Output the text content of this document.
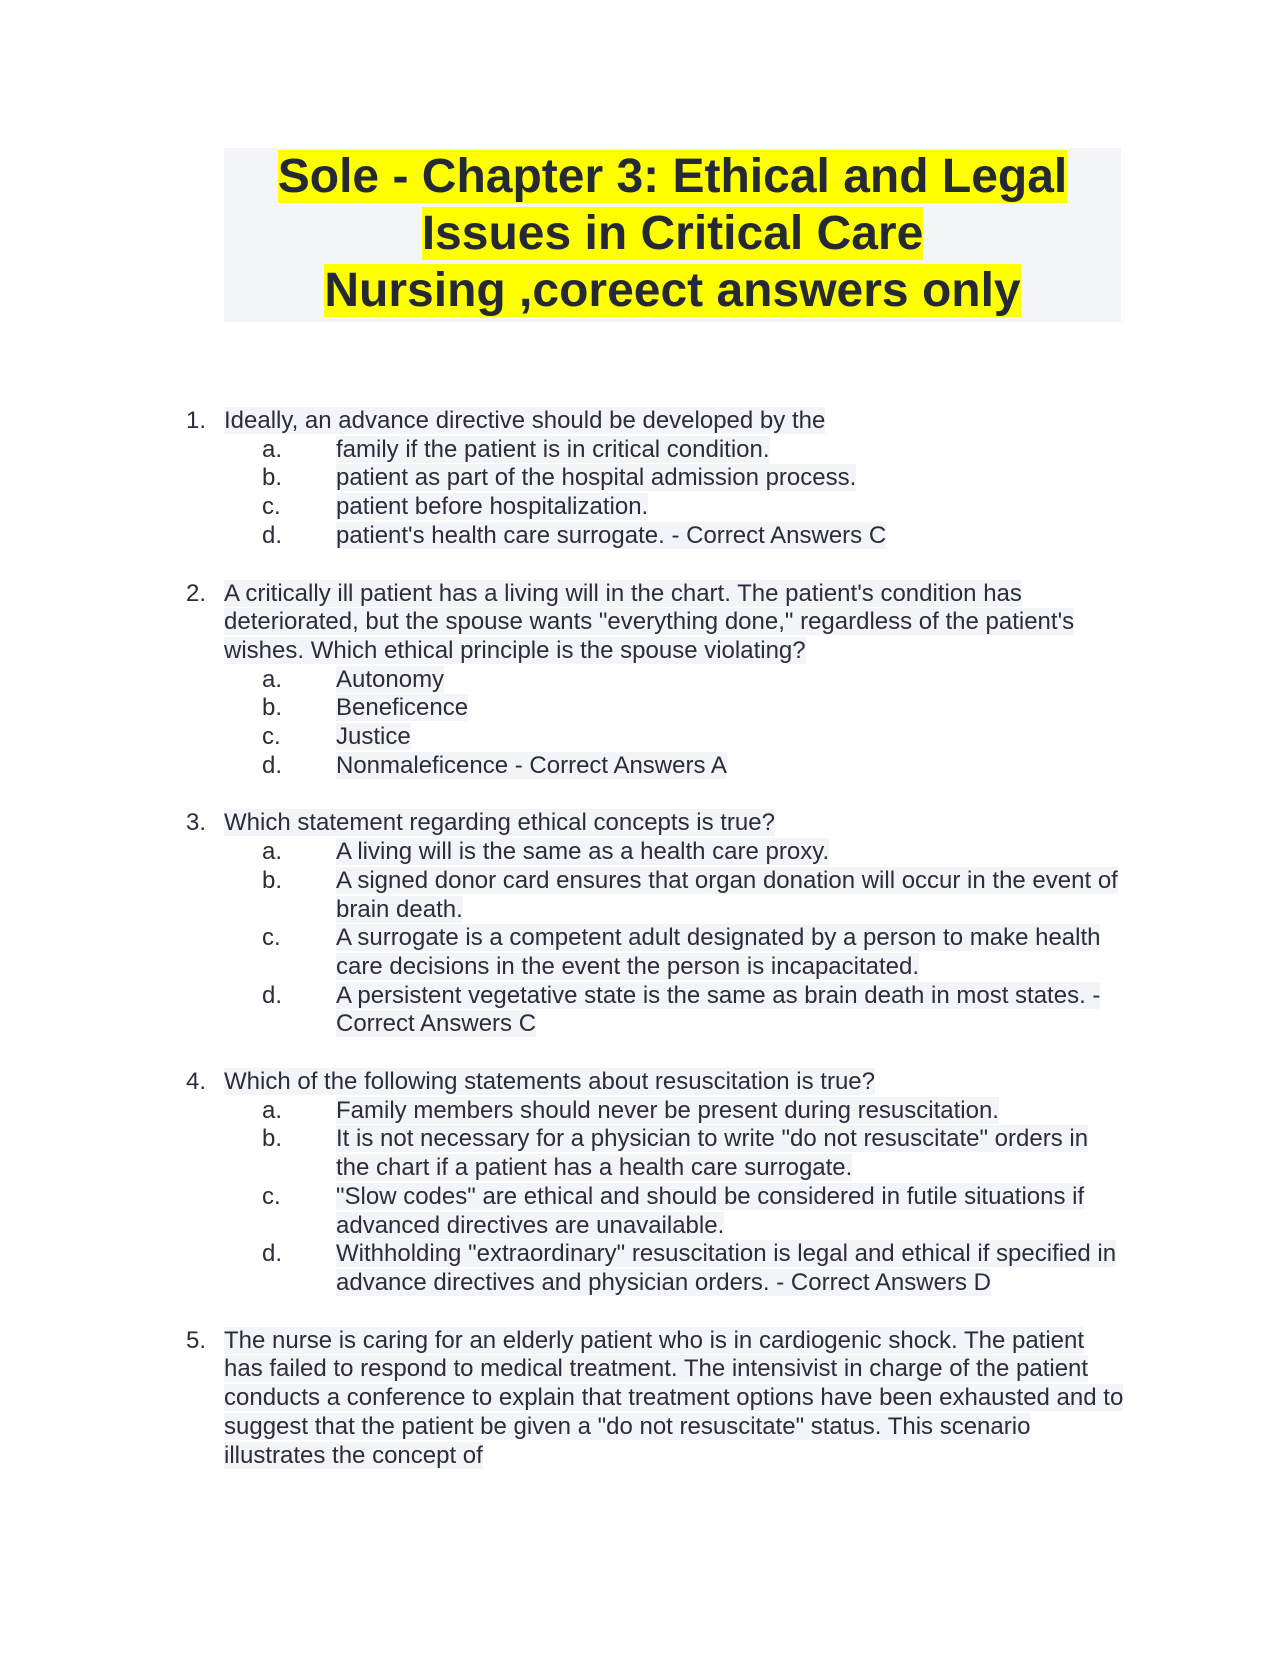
Sole - Chapter 3: Ethical and Legal
Issues in Critical Care
Nursing ,coreect answers only
1. Ideally, an advance directive should be developed by the
a. family if the patient is in critical condition.
b. patient as part of the hospital admission process.
c. patient before hospitalization.
d. patient's health care surrogate. - Correct Answers C
2. A critically ill patient has a living will in the chart. The patient's condition has deteriorated, but the spouse wants "everything done," regardless of the patient's wishes. Which ethical principle is the spouse violating?
a. Autonomy
b. Beneficence
c. Justice
d. Nonmaleficence - Correct Answers A
3. Which statement regarding ethical concepts is true?
a. A living will is the same as a health care proxy.
b. A signed donor card ensures that organ donation will occur in the event of brain death.
c. A surrogate is a competent adult designated by a person to make health care decisions in the event the person is incapacitated.
d. A persistent vegetative state is the same as brain death in most states. - Correct Answers C
4. Which of the following statements about resuscitation is true?
a. Family members should never be present during resuscitation.
b. It is not necessary for a physician to write "do not resuscitate" orders in the chart if a patient has a health care surrogate.
c. "Slow codes" are ethical and should be considered in futile situations if advanced directives are unavailable.
d. Withholding "extraordinary" resuscitation is legal and ethical if specified in advance directives and physician orders. - Correct Answers D
5. The nurse is caring for an elderly patient who is in cardiogenic shock. The patient has failed to respond to medical treatment. The intensivist in charge of the patient conducts a conference to explain that treatment options have been exhausted and to suggest that the patient be given a "do not resuscitate" status. This scenario illustrates the concept of
